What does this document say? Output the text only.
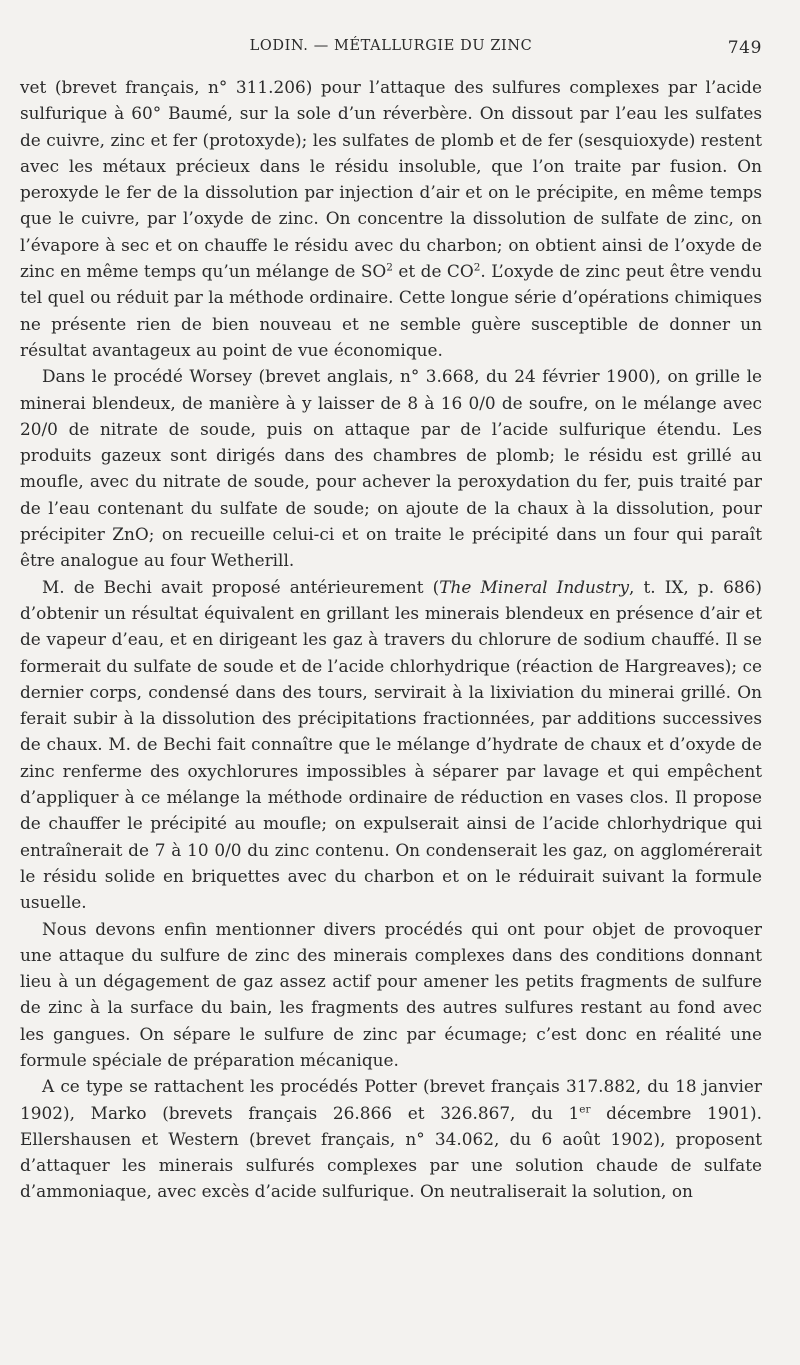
LODIN. — MÉTALLURGIE DU ZINC	749

vet (brevet français, n° 311.206) pour l’attaque des sulfures complexes par l’acide sulfurique à 60° Baumé, sur la sole d’un réverbère. On dissout par l’eau les sulfates de cuivre, zinc et fer (protoxyde); les sulfates de plomb et de fer (sesquioxyde) restent avec les métaux précieux dans le résidu insoluble, que l’on traite par fusion. On peroxyde le fer de la dissolution par injection d’air et on le précipite, en même temps que le cuivre, par l’oxyde de zinc. On concentre la dissolution de sulfate de zinc, on l’évapore à sec et on chauffe le résidu avec du charbon; on obtient ainsi de l’oxyde de zinc en même temps qu’un mélange de $SO^2$ et de $CO^2$. L’oxyde de zinc peut être vendu tel quel ou réduit par la méthode ordinaire. Cette longue série d’opérations chimiques ne présente rien de bien nouveau et ne semble guère susceptible de donner un résultat avantageux au point de vue économique.

Dans le procédé Worsey (brevet anglais, n° 3.668, du 24 février 1900), on grille le minerai blendeux, de manière à y laisser de 8 à 16 0/0 de soufre, on le mélange avec 20/0 de nitrate de soude, puis on attaque par de l’acide sulfurique étendu. Les produits gazeux sont dirigés dans des chambres de plomb; le résidu est grillé au moufle, avec du nitrate de soude, pour achever la peroxydation du fer, puis traité par de l’eau contenant du sulfate de soude; on ajoute de la chaux à la dissolution, pour précipiter ZnO; on recueille celui-ci et on traite le précipité dans un four qui paraît être analogue au four Wetherill.

M. de Bechi avait proposé antérieurement (The Mineral Industry, t. IX, p. 686) d’obtenir un résultat équivalent en grillant les minerais blendeux en présence d’air et de vapeur d’eau, et en dirigeant les gaz à travers du chlorure de sodium chauffé. Il se formerait du sulfate de soude et de l’acide chlorhydrique (réaction de Hargreaves); ce dernier corps, condensé dans des tours, servirait à la lixiviation du minerai grillé. On ferait subir à la dissolution des précipitations fractionnées, par additions successives de chaux. M. de Bechi fait connaître que le mélange d’hydrate de chaux et d’oxyde de zinc renferme des oxychlorures impossibles à séparer par lavage et qui empêchent d’appliquer à ce mélange la méthode ordinaire de réduction en vases clos. Il propose de chauffer le précipité au moufle; on expulserait ainsi de l’acide chlorhydrique qui entraînerait de 7 à 10 0/0 du zinc contenu. On condenserait les gaz, on agglomérerait le résidu solide en briquettes avec du charbon et on le réduirait suivant la formule usuelle.

Nous devons enfin mentionner divers procédés qui ont pour objet de provoquer une attaque du sulfure de zinc des minerais complexes dans des conditions donnant lieu à un dégagement de gaz assez actif pour amener les petits fragments de sulfure de zinc à la surface du bain, les fragments des autres sulfures restant au fond avec les gangues. On sépare le sulfure de zinc par écumage; c’est donc en réalité une formule spéciale de préparation mécanique.

A ce type se rattachent les procédés Potter (brevet français 317.882, du 18 janvier 1902), Marko (brevets français 26.866 et 326.867, du 1er décembre 1901). Ellershausen et Western (brevet français, n° 34.062, du 6 août 1902), proposent d’attaquer les minerais sulfurés complexes par une solution chaude de sulfate d’ammoniaque, avec excès d’acide sulfurique. On neutraliserait la solution, on
